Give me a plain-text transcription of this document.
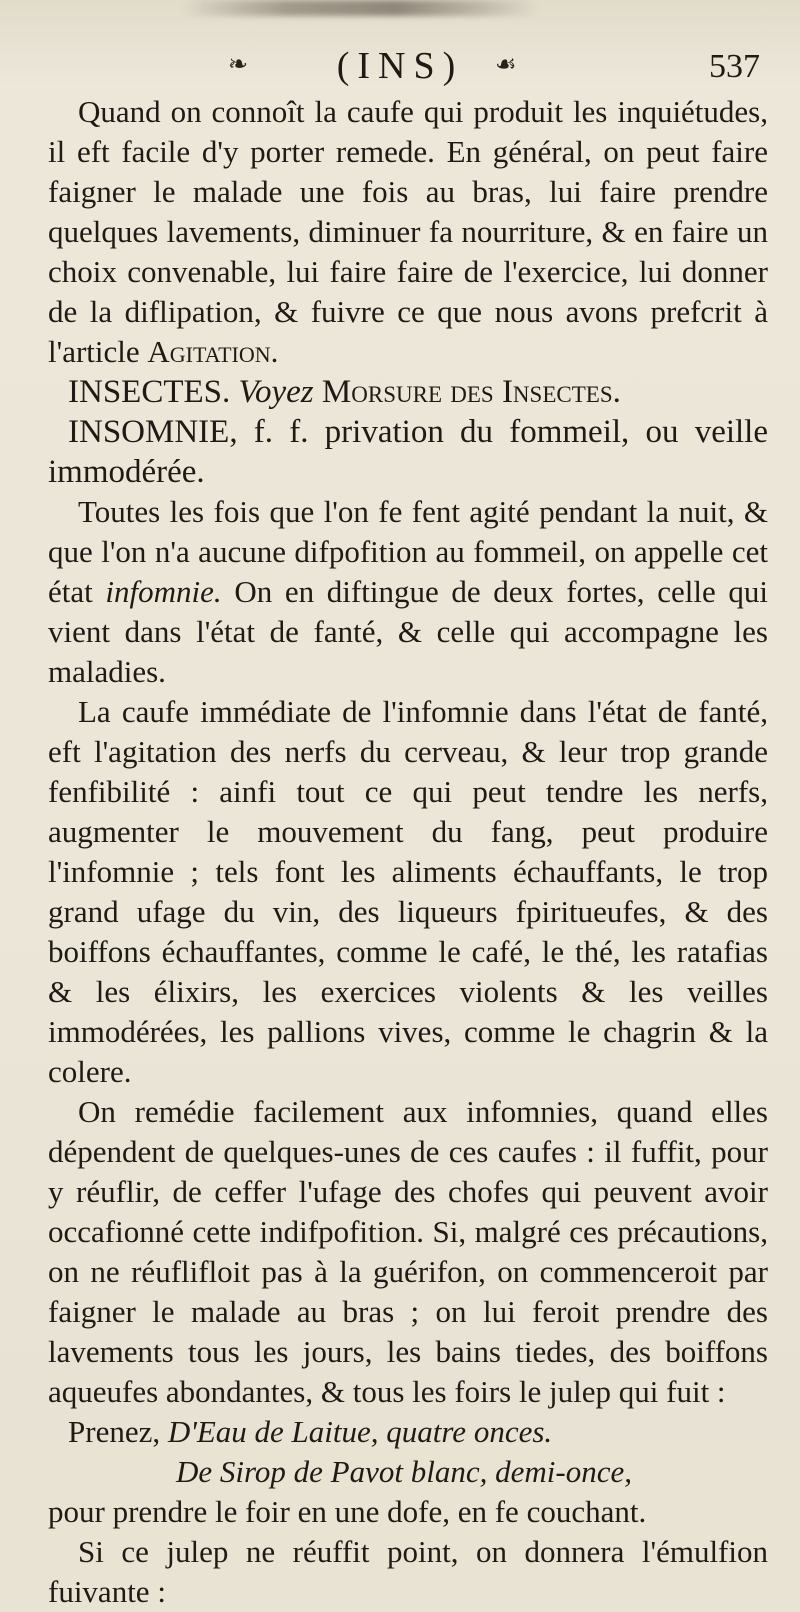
❧	(INS)	☙	537

Quand on connoît la caufe qui produit les inquiétudes, il eft facile d'y porter remede. En général, on peut faire faigner le malade une fois au bras, lui faire prendre quelques lavements, diminuer fa nourriture, & en faire un choix convenable, lui faire faire de l'exercice, lui donner de la diflipation, & fuivre ce que nous avons prefcrit à l'article Agitation.

INSECTES. Voyez Morsure des Insectes.

INSOMNIE, f. f. privation du fommeil, ou veille immodérée.

Toutes les fois que l'on fe fent agité pendant la nuit, & que l'on n'a aucune difpofition au fommeil, on appelle cet état infomnie. On en diftingue de deux fortes, celle qui vient dans l'état de fanté, & celle qui accompagne les maladies.

La caufe immédiate de l'infomnie dans l'état de fanté, eft l'agitation des nerfs du cerveau, & leur trop grande fenfibilité : ainfi tout ce qui peut tendre les nerfs, augmenter le mouvement du fang, peut produire l'infomnie ; tels font les aliments échauffants, le trop grand ufage du vin, des liqueurs fpiritueufes, & des boiffons échauffantes, comme le café, le thé, les ratafias & les élixirs, les exercices violents & les veilles immodérées, les pallions vives, comme le chagrin & la colere.

On remédie facilement aux infomnies, quand elles dépendent de quelques-unes de ces caufes : il fuffit, pour y réuflir, de ceffer l'ufage des chofes qui peuvent avoir occafionné cette indifpofition. Si, malgré ces précautions, on ne réuflifloit pas à la guérifon, on commenceroit par faigner le malade au bras ; on lui feroit prendre des lavements tous les jours, les bains tiedes, des boiffons aqueufes abondantes, & tous les foirs le julep qui fuit :

Prenez, D'Eau de Laitue, quatre onces.

De Sirop de Pavot blanc, demi-once,

pour prendre le foir en une dofe, en fe couchant.

Si ce julep ne réuffit point, on donnera l'émulfion fuivante :
